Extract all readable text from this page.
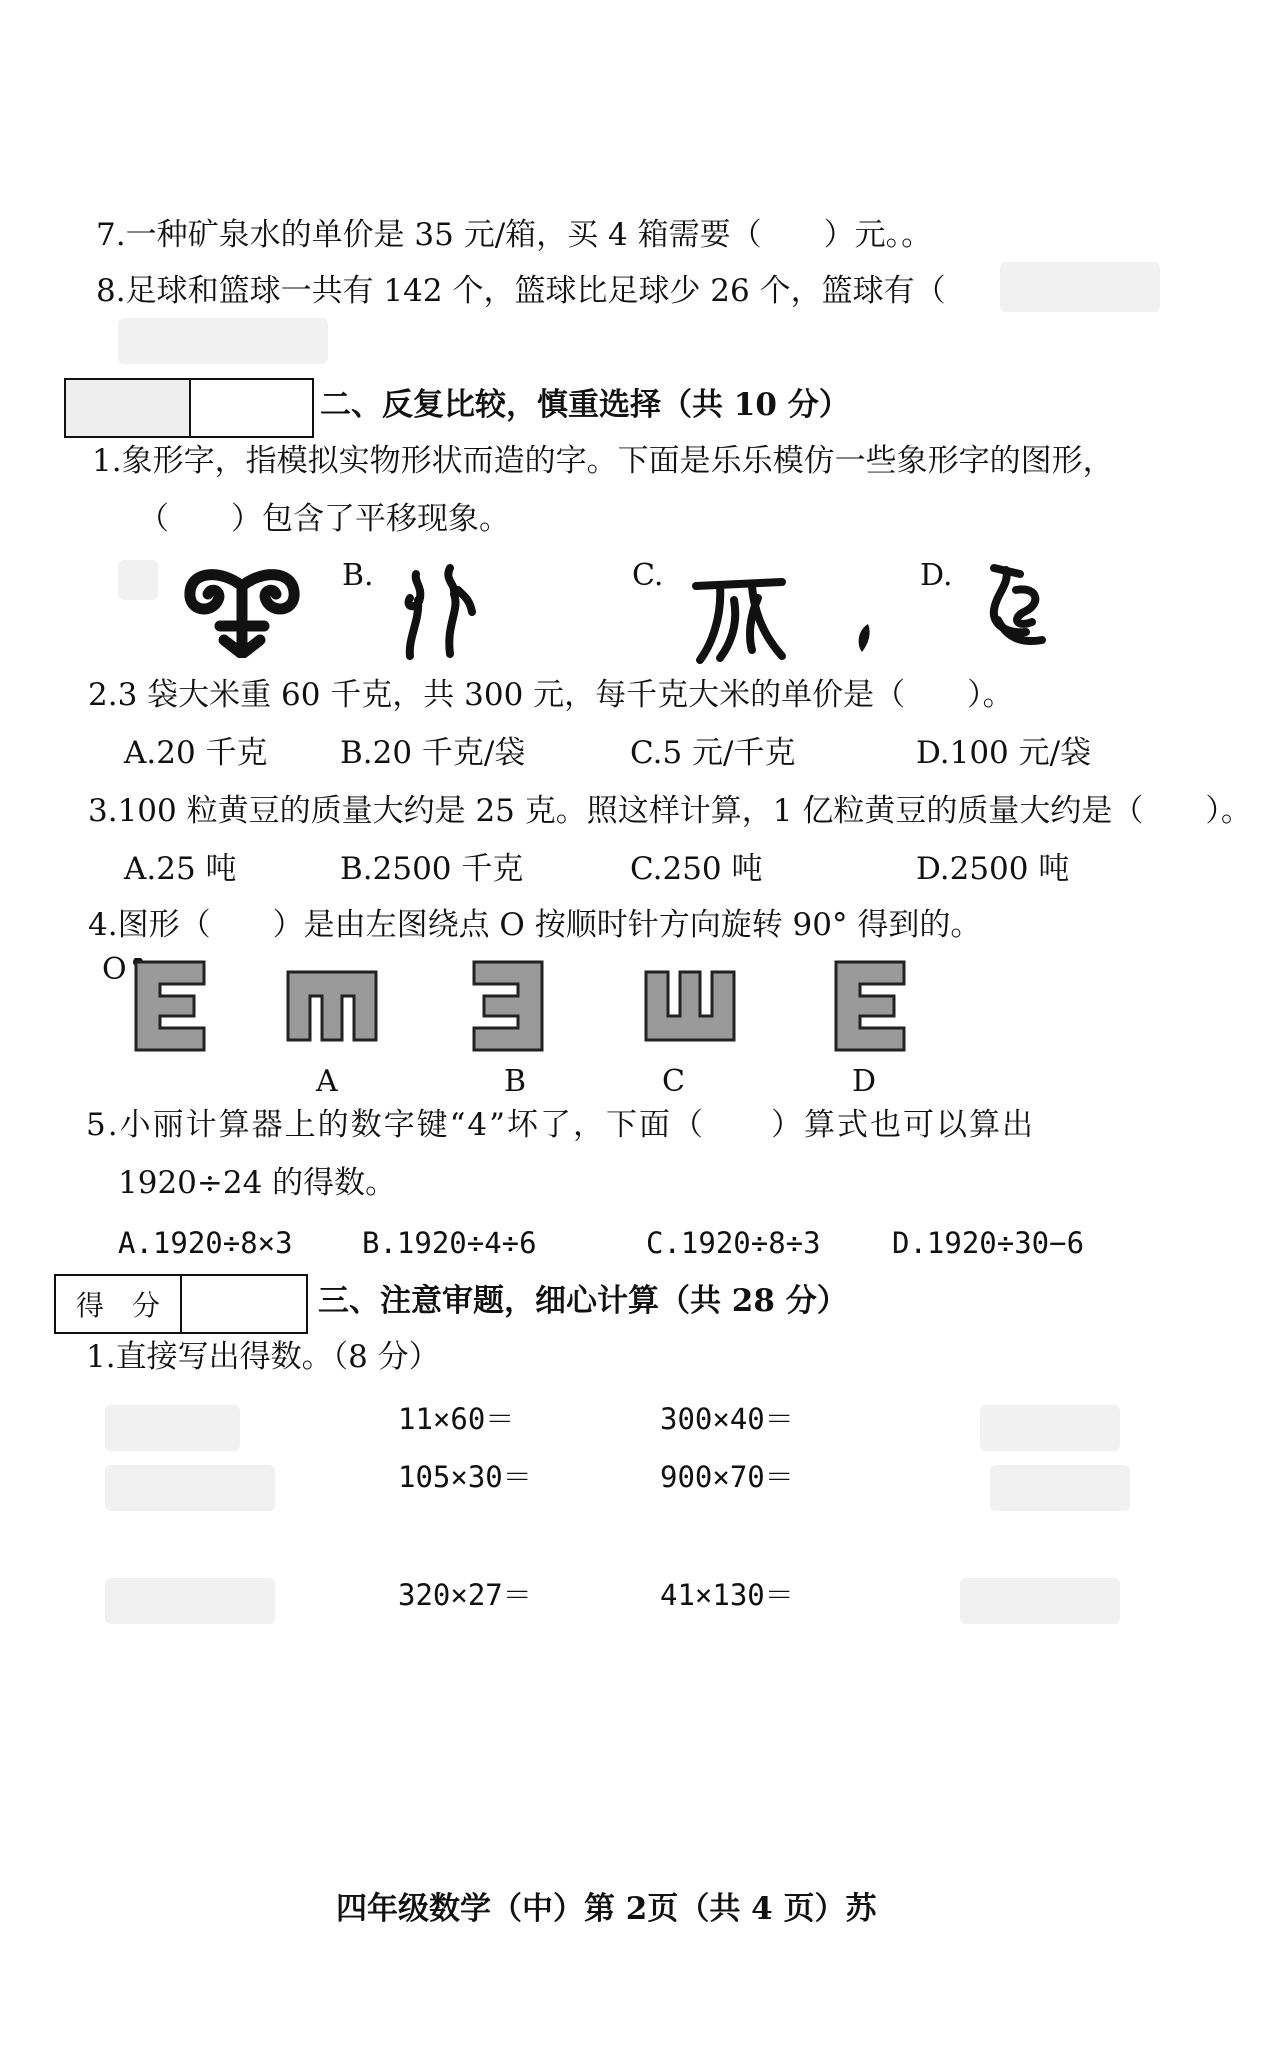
7.一种矿泉水的单价是 35 元/箱，买 4 箱需要（　　）元。。
8.足球和篮球一共有 142 个，篮球比足球少 26 个，篮球有（
二、反复比较，慎重选择（共 10 分）
1.象形字，指模拟实物形状而造的字。下面是乐乐模仿一些象形字的图形，
（　　）包含了平移现象。
B.	C.	D.
2.3 袋大米重 60 千克，共 300 元，每千克大米的单价是（　　）。
A.20 千克 B.20 千克/袋	C.5 元/千克	D.100 元/袋
3.100 粒黄豆的质量大约是 25 克。照这样计算，1 亿粒黄豆的质量大约是（　　）。
A.25 吨	B.2500 千克	C.250 吨	D.2500 吨
4.图形（　　）是由左图绕点 O 按顺时针方向旋转 90° 得到的。
O
A	B	C	D
5.小丽计算器上的数字键“4”坏了，下面（　　）算式也可以算出
1920÷24 的得数。
A.1920÷8×3 B.1920÷4÷6	C.1920÷8÷3 D.1920÷30−6
得　分	三、注意审题，细心计算（共 28 分）
1.直接写出得数。（8 分）
11×60＝	300×40＝
105×30＝	900×70＝
320×27＝	41×130＝
四年级数学（中）第 2页（共 4 页）苏
